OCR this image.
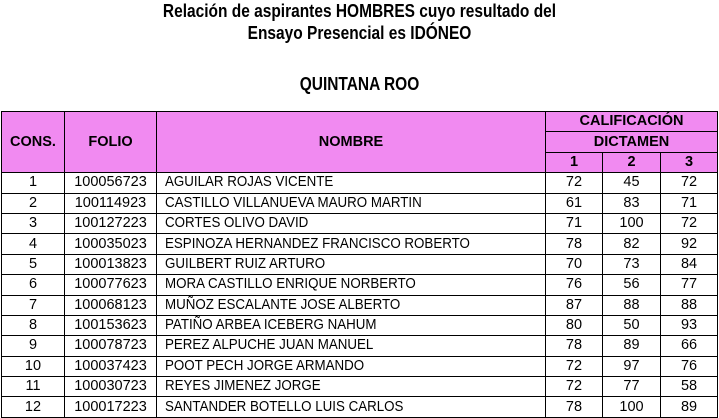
Relación de aspirantes HOMBRES cuyo resultado del
Ensayo Presencial es IDÓNEO
QUINTANA ROO
CONS.	FOLIO	NOMBRE	CALIFICACIÓN		
			DICTAMEN		
			1	2	3
1	100056723	AGUILAR ROJAS VICENTE	72	45	72
2	100114923	CASTILLO VILLANUEVA MAURO MARTIN	61	83	71
3	100127223	CORTES OLIVO DAVID	71	100	72
4	100035023	ESPINOZA HERNANDEZ FRANCISCO ROBERTO	78	82	92
5	100013823	GUILBERT RUIZ ARTURO	70	73	84
6	100077623	MORA CASTILLO ENRIQUE NORBERTO	76	56	77
7	100068123	MUÑOZ ESCALANTE JOSE ALBERTO	87	88	88
8	100153623	PATIÑO ARBEA ICEBERG NAHUM	80	50	93
9	100078723	PEREZ ALPUCHE JUAN MANUEL	78	89	66
10	100037423	POOT PECH JORGE ARMANDO	72	97	76
11	100030723	REYES JIMENEZ JORGE	72	77	58
12	100017223	SANTANDER BOTELLO LUIS CARLOS	78	100	89
